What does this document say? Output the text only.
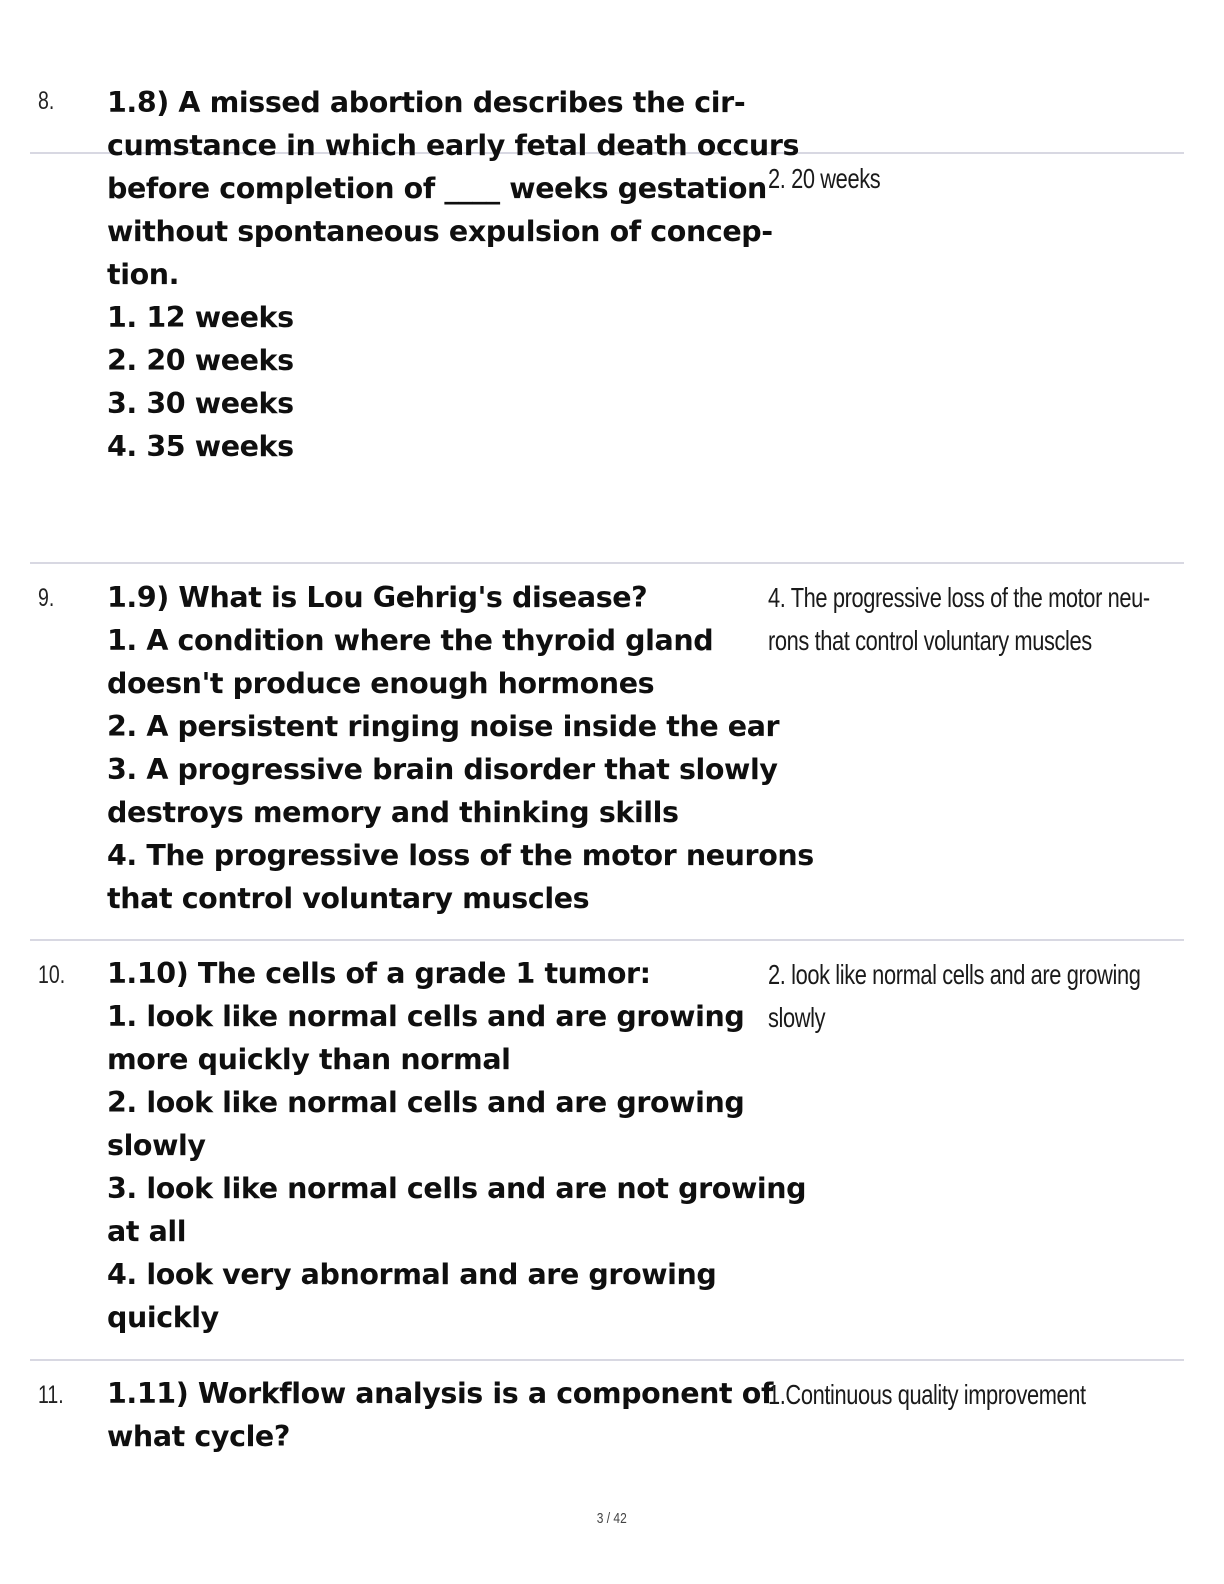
8. 1.8) A missed abortion describes the cir-
cumstance in which early fetal death occurs
before completion of ____ weeks gestation
without spontaneous expulsion of concep-
tion.
1. 12 weeks
2. 20 weeks
3. 30 weeks
4. 35 weeks
2. 20 weeks
9. 1.9) What is Lou Gehrig's disease?
1. A condition where the thyroid gland
doesn't produce enough hormones
2. A persistent ringing noise inside the ear
3. A progressive brain disorder that slowly
destroys memory and thinking skills
4. The progressive loss of the motor neurons
that control voluntary muscles
4. The progressive loss of the motor neu-
rons that control voluntary muscles
10. 1.10) The cells of a grade 1 tumor:
1. look like normal cells and are growing
more quickly than normal
2. look like normal cells and are growing
slowly
3. look like normal cells and are not growing
at all
4. look very abnormal and are growing
quickly
2. look like normal cells and are growing
slowly
11. 1.11) Workflow analysis is a component of
what cycle?
1.Continuous quality improvement
3 / 42
